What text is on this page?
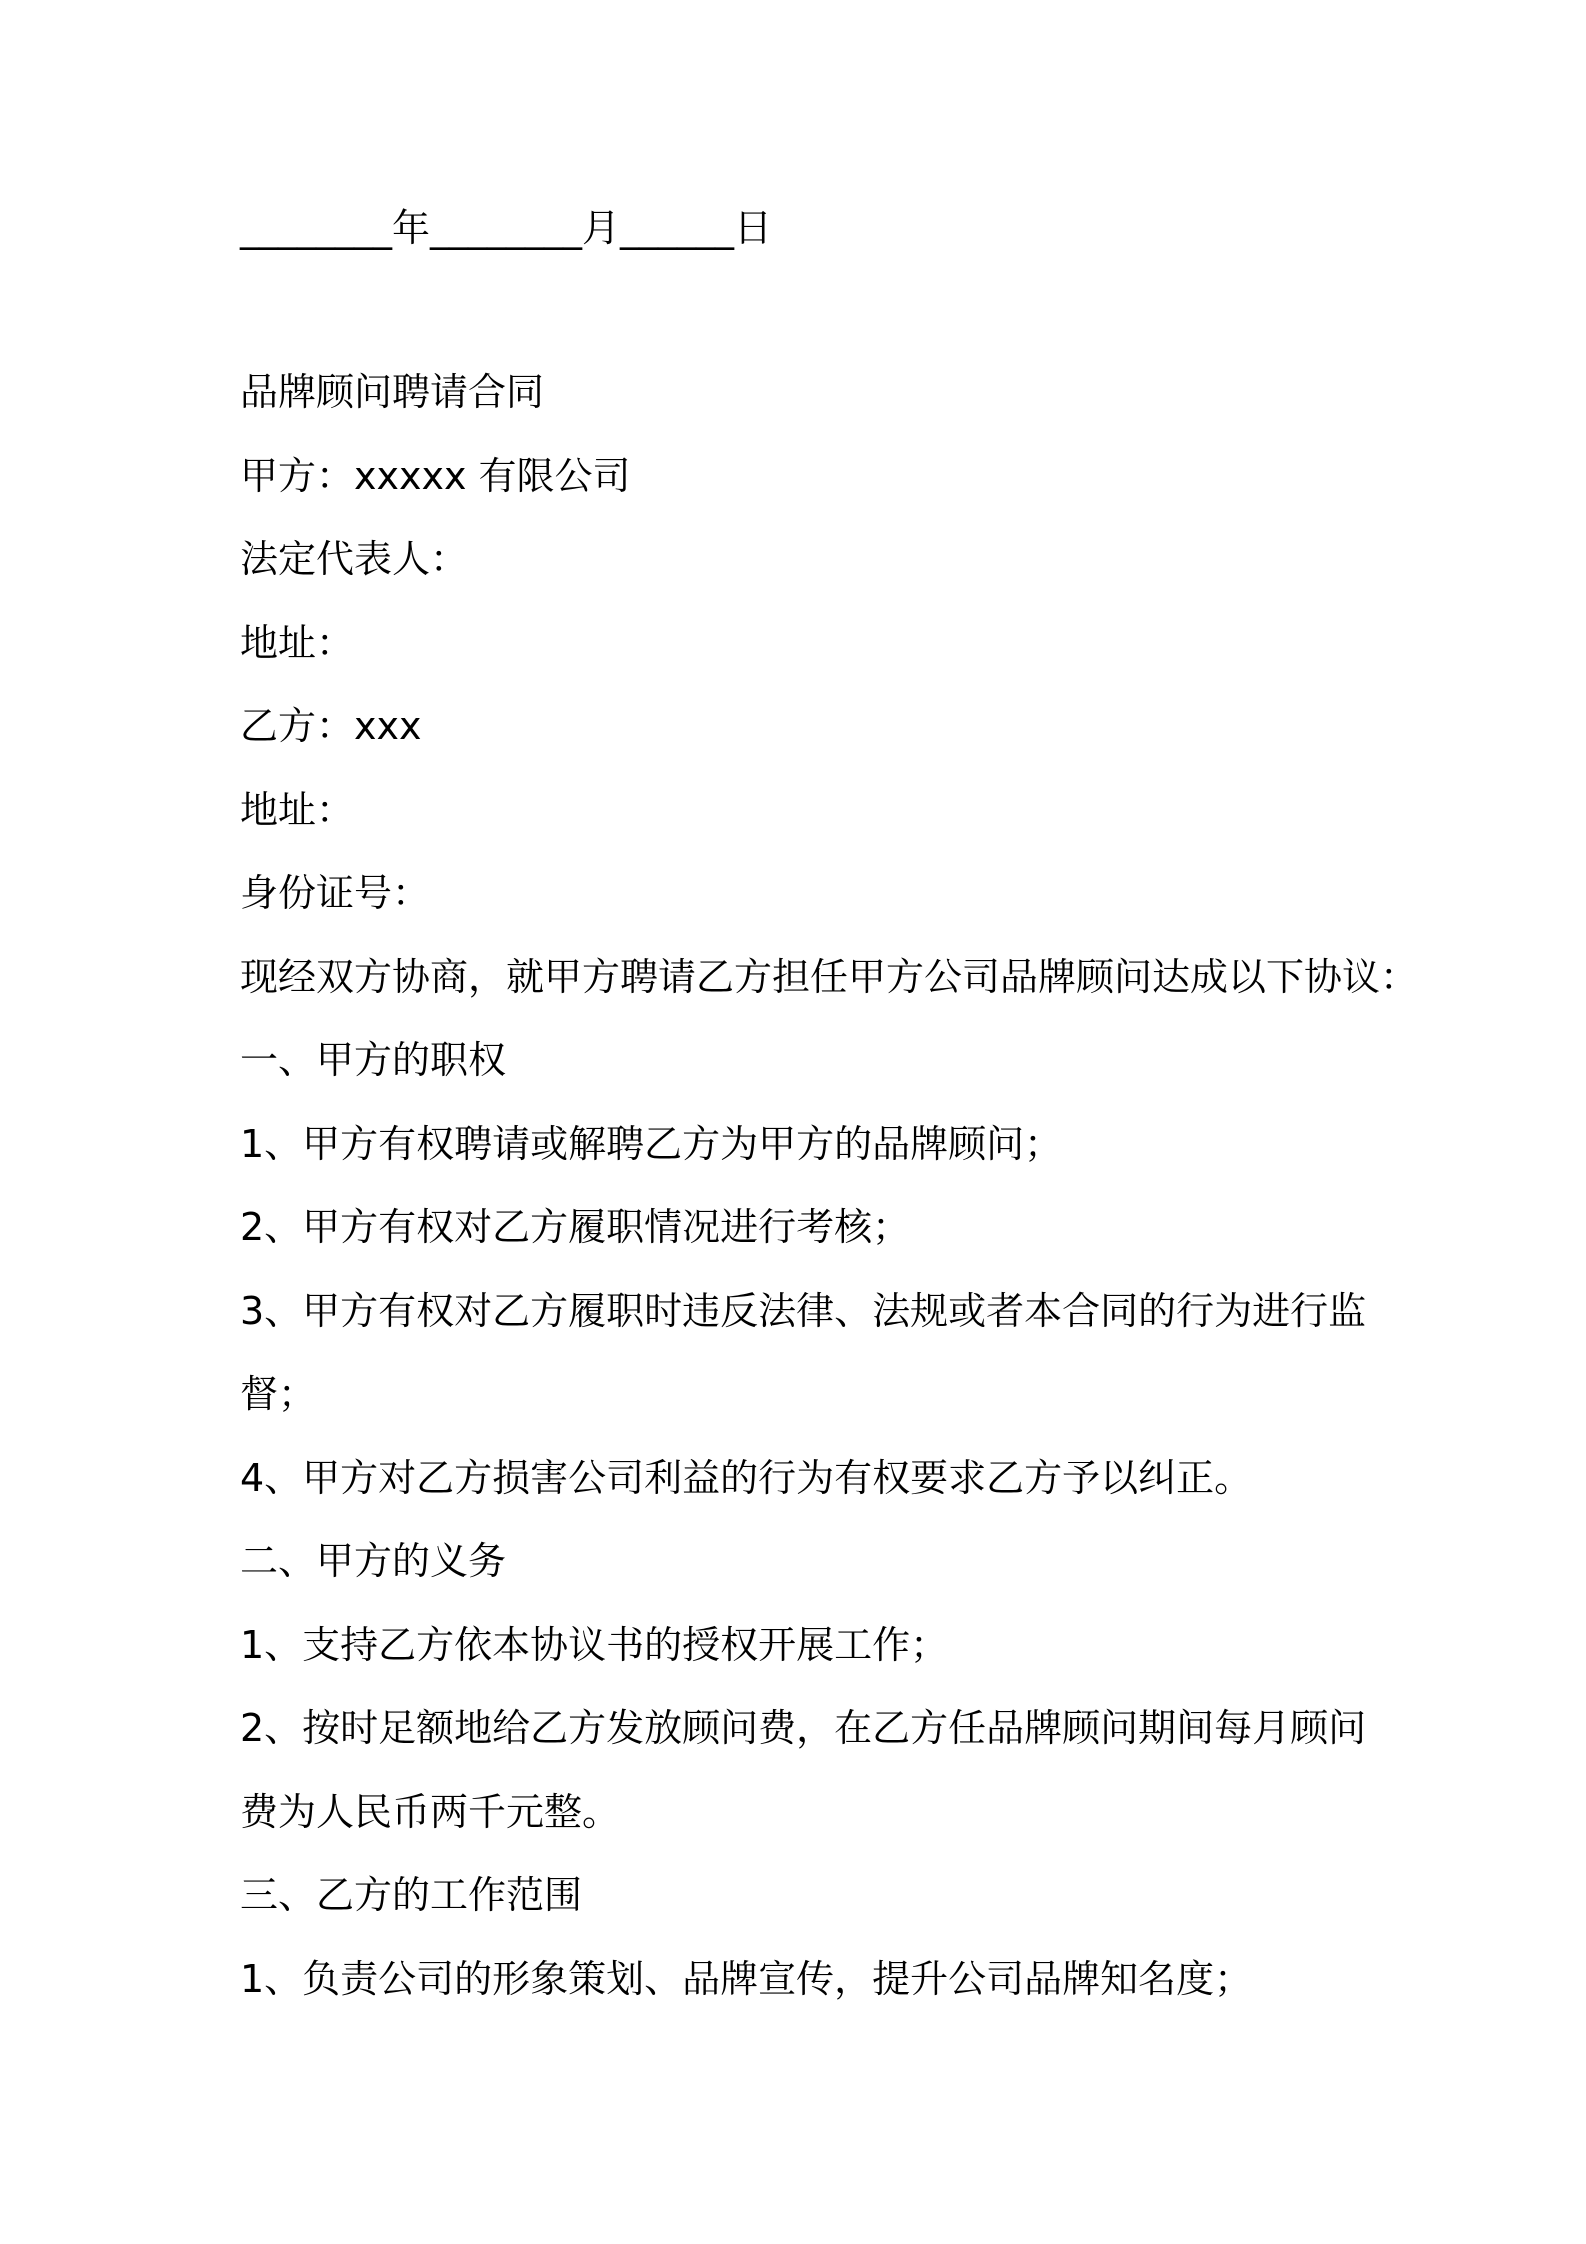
________年________月______日
品牌顾问聘请合同
甲方：xxxxx 有限公司
法定代表人：
地址：
乙方：xxx
地址：
身份证号：
现经双方协商，就甲方聘请乙方担任甲方公司品牌顾问达成以下协议：
一、甲方的职权
1、甲方有权聘请或解聘乙方为甲方的品牌顾问；
2、甲方有权对乙方履职情况进行考核；
3、甲方有权对乙方履职时违反法律、法规或者本合同的行为进行监
督；
4、甲方对乙方损害公司利益的行为有权要求乙方予以纠正。
二、甲方的义务
1、支持乙方依本协议书的授权开展工作；
2、按时足额地给乙方发放顾问费，在乙方任品牌顾问期间每月顾问
费为人民币两千元整。
三、乙方的工作范围
1、负责公司的形象策划、品牌宣传，提升公司品牌知名度；
